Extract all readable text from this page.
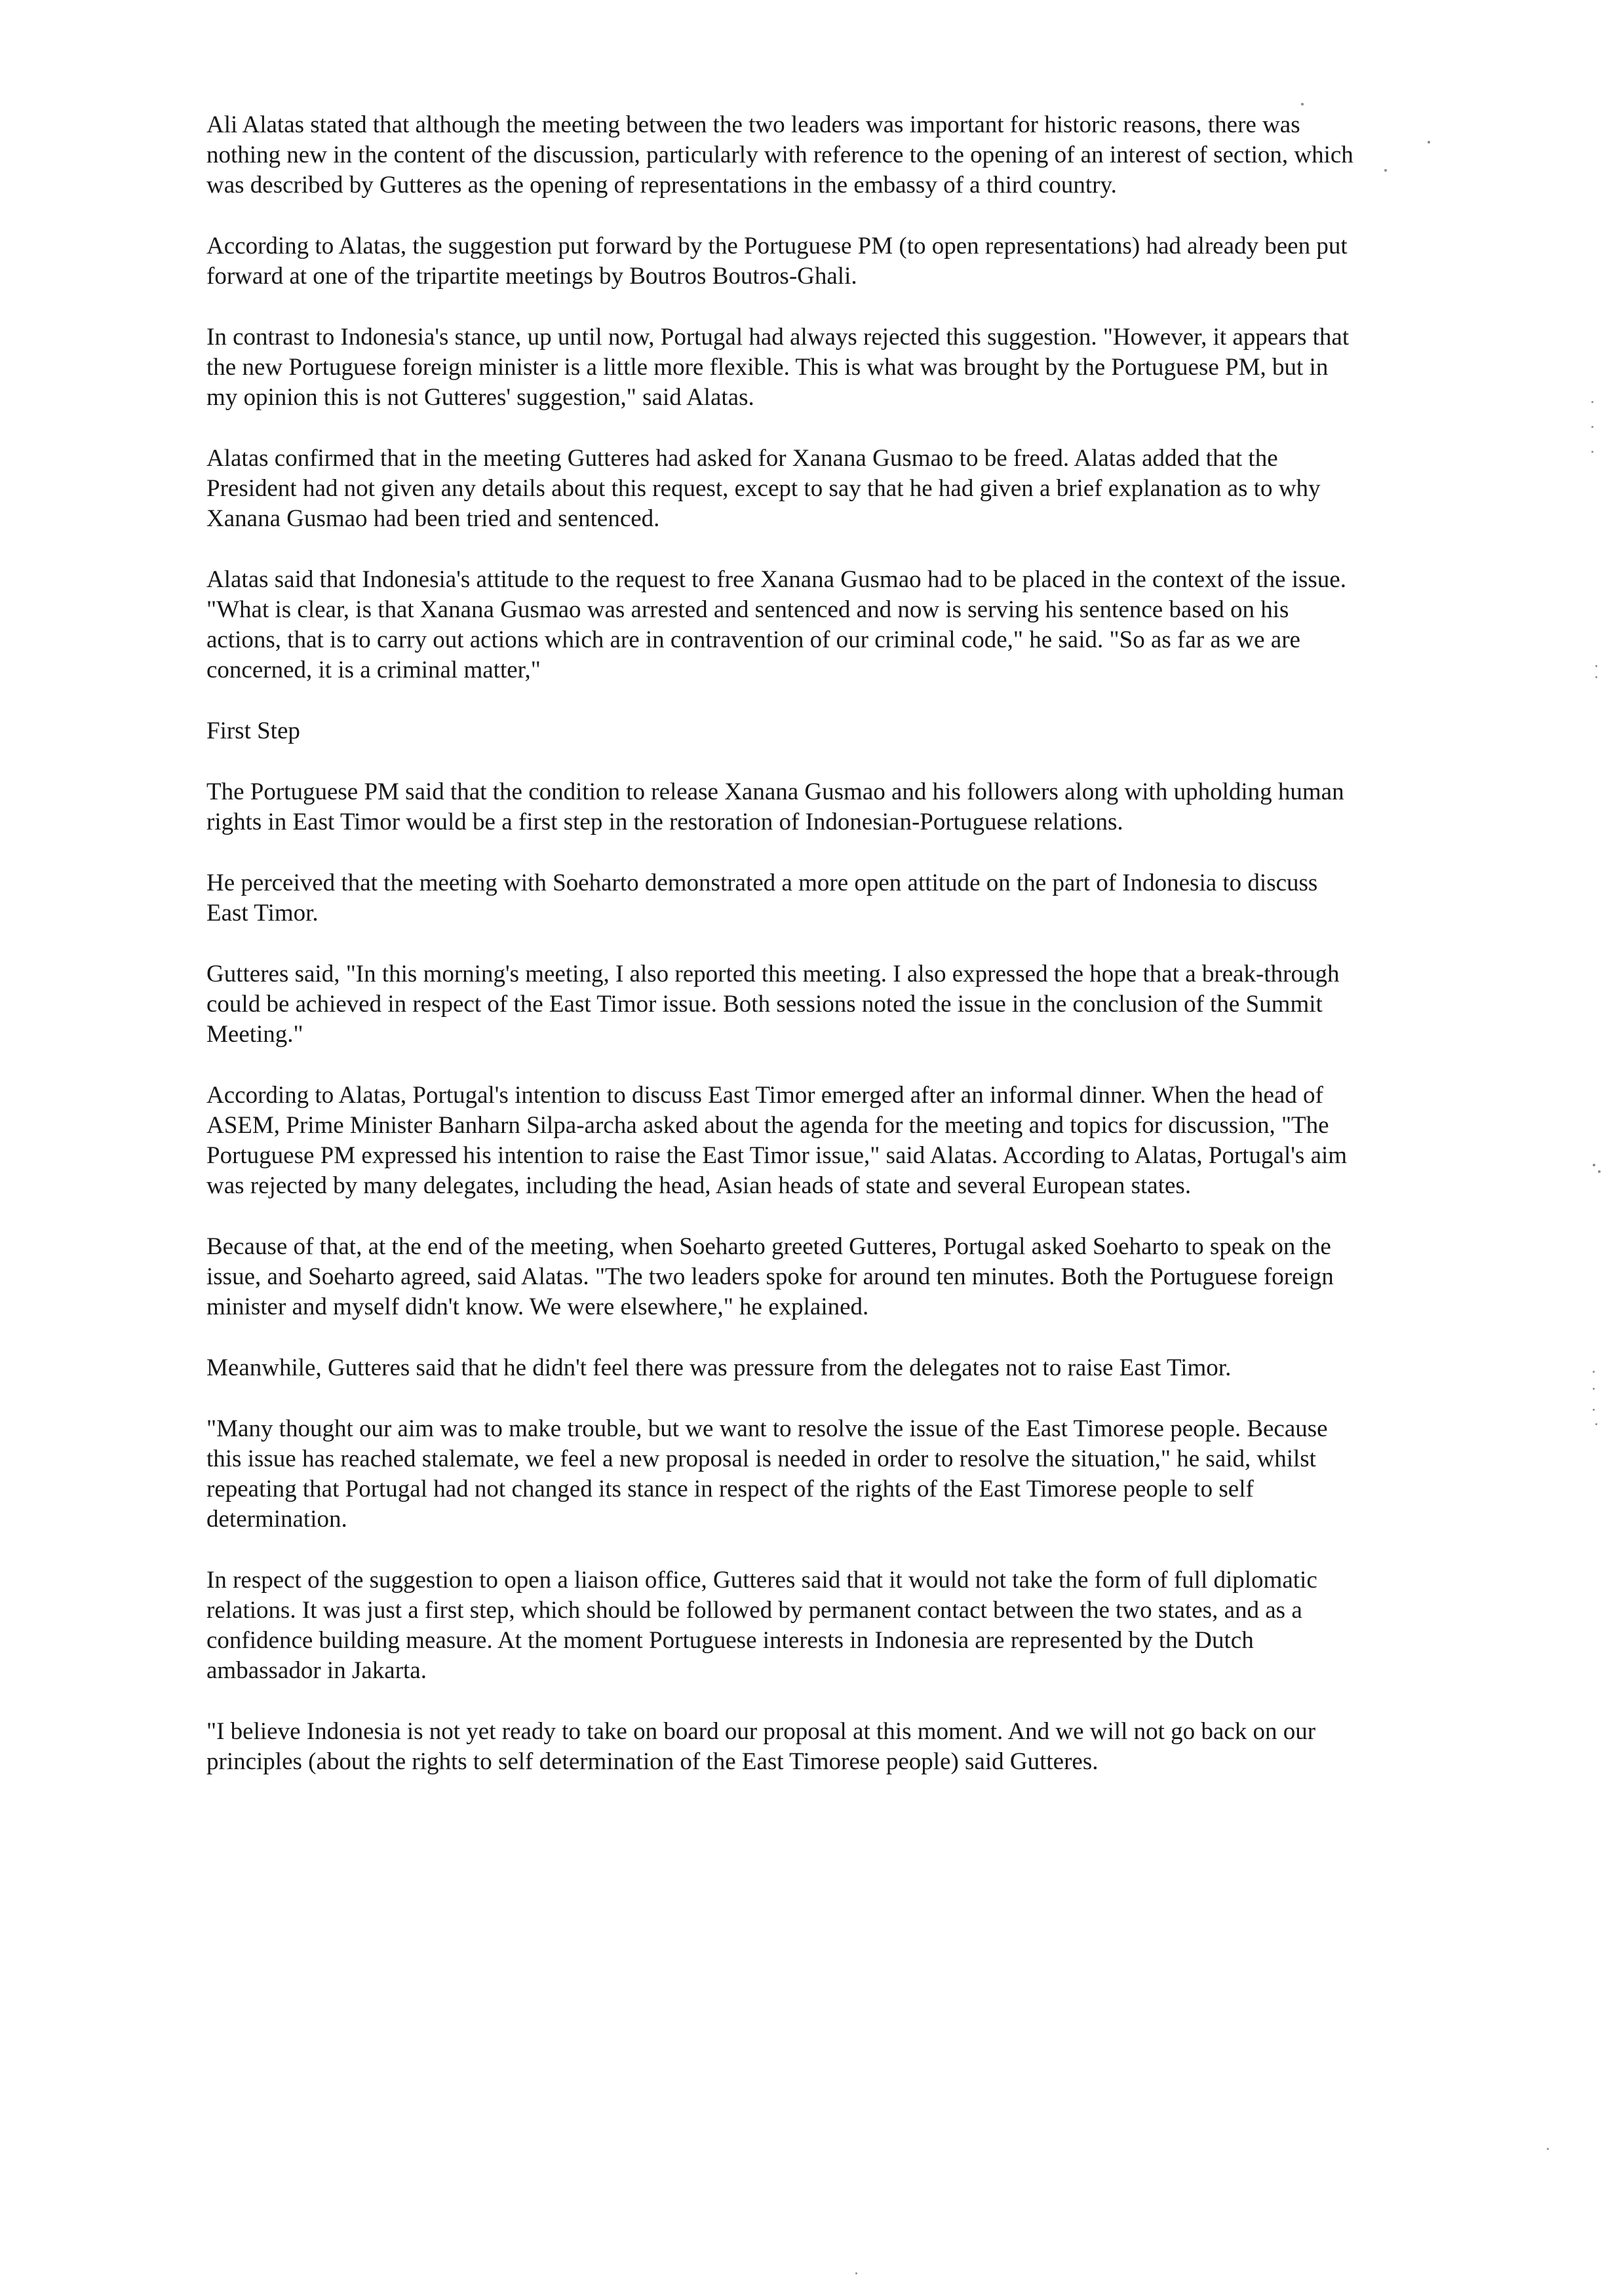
Ali Alatas stated that although the meeting between the two leaders was important for historic reasons, there was nothing new in the content of the discussion, particularly with reference to the opening of an interest of section, which was described by Gutteres as the opening of representations in the embassy of a third country.

According to Alatas, the suggestion put forward by the Portuguese PM (to open representations) had already been put forward at one of the tripartite meetings by Boutros Boutros-Ghali.

In contrast to Indonesia's stance, up until now, Portugal had always rejected this suggestion. "However, it appears that the new Portuguese foreign minister is a little more flexible. This is what was brought by the Portuguese PM, but in my opinion this is not Gutteres' suggestion," said Alatas.

Alatas confirmed that in the meeting Gutteres had asked for Xanana Gusmao to be freed. Alatas added that the President had not given any details about this request, except to say that he had given a brief explanation as to why Xanana Gusmao had been tried and sentenced.

Alatas said that Indonesia's attitude to the request to free Xanana Gusmao had to be placed in the context of the issue. "What is clear, is that Xanana Gusmao was arrested and sentenced and now is serving his sentence based on his actions, that is to carry out actions which are in contravention of our criminal code," he said. "So as far as we are concerned, it is a criminal matter,"

First Step

The Portuguese PM said that the condition to release Xanana Gusmao and his followers along with upholding human rights in East Timor would be a first step in the restoration of Indonesian-Portuguese relations.

He perceived that the meeting with Soeharto demonstrated a more open attitude on the part of Indonesia to discuss East Timor.

Gutteres said, "In this morning's meeting, I also reported this meeting. I also expressed the hope that a break-through could be achieved in respect of the East Timor issue. Both sessions noted the issue in the conclusion of the Summit Meeting."

According to Alatas, Portugal's intention to discuss East Timor emerged after an informal dinner. When the head of ASEM, Prime Minister Banharn Silpa-archa asked about the agenda for the meeting and topics for discussion, "The Portuguese PM expressed his intention to raise the East Timor issue," said Alatas. According to Alatas, Portugal's aim was rejected by many delegates, including the head, Asian heads of state and several European states.

Because of that, at the end of the meeting, when Soeharto greeted Gutteres, Portugal asked Soeharto to speak on the issue, and Soeharto agreed, said Alatas. "The two leaders spoke for around ten minutes. Both the Portuguese foreign minister and myself didn't know. We were elsewhere," he explained.

Meanwhile, Gutteres said that he didn't feel there was pressure from the delegates not to raise East Timor.

"Many thought our aim was to make trouble, but we want to resolve the issue of the East Timorese people. Because this issue has reached stalemate, we feel a new proposal is needed in order to resolve the situation," he said, whilst repeating that Portugal had not changed its stance in respect of the rights of the East Timorese people to self determination.

In respect of the suggestion to open a liaison office, Gutteres said that it would not take the form of full diplomatic relations. It was just a first step, which should be followed by permanent contact between the two states, and as a confidence building measure. At the moment Portuguese interests in Indonesia are represented by the Dutch ambassador in Jakarta.

"I believe Indonesia is not yet ready to take on board our proposal at this moment. And we will not go back on our principles (about the rights to self determination of the East Timorese people) said Gutteres.
